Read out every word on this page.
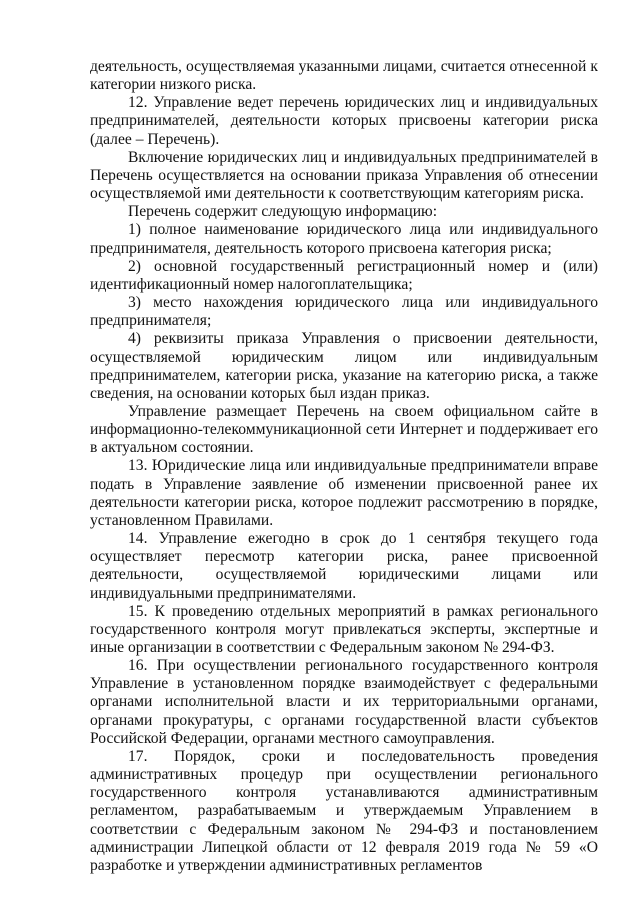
деятельность, осуществляемая указанными лицами, считается отнесенной к категории низкого риска.

12. Управление ведет перечень юридических лиц и индивидуальных предпринимателей, деятельности которых присвоены категории риска (далее – Перечень).

Включение юридических лиц и индивидуальных предпринимателей в Перечень осуществляется на основании приказа Управления об отнесении осуществляемой ими деятельности к соответствующим категориям риска.

Перечень содержит следующую информацию:

1) полное наименование юридического лица или индивидуального предпринимателя, деятельность которого присвоена категория риска;

2) основной государственный регистрационный номер и (или) идентификационный номер налогоплательщика;

3) место нахождения юридического лица или индивидуального предпринимателя;

4) реквизиты приказа Управления о присвоении деятельности, осуществляемой юридическим лицом или индивидуальным предпринимателем, категории риска, указание на категорию риска, а также сведения, на основании которых был издан приказ.

Управление размещает Перечень на своем официальном сайте в информационно-телекоммуникационной сети Интернет и поддерживает его в актуальном состоянии.

13. Юридические лица или индивидуальные предприниматели вправе подать в Управление заявление об изменении присвоенной ранее их деятельности категории риска, которое подлежит рассмотрению в порядке, установленном Правилами.

14. Управление ежегодно в срок до 1 сентября текущего года осуществляет пересмотр категории риска, ранее присвоенной деятельности, осуществляемой юридическими лицами или индивидуальными предпринимателями.

15. К проведению отдельных мероприятий в рамках регионального государственного контроля могут привлекаться эксперты, экспертные и иные организации в соответствии с Федеральным законом № 294-ФЗ.

16. При осуществлении регионального государственного контроля Управление в установленном порядке взаимодействует с федеральными органами исполнительной власти и их территориальными органами, органами прокуратуры, с органами государственной власти субъектов Российской Федерации, органами местного самоуправления.

17. Порядок, сроки и последовательность проведения административных процедур при осуществлении регионального государственного контроля устанавливаются административным регламентом, разрабатываемым и утверждаемым Управлением в соответствии с Федеральным законом № 294-ФЗ и постановлением администрации Липецкой области от 12 февраля 2019 года № 59 «О разработке и утверждении административных регламентов
